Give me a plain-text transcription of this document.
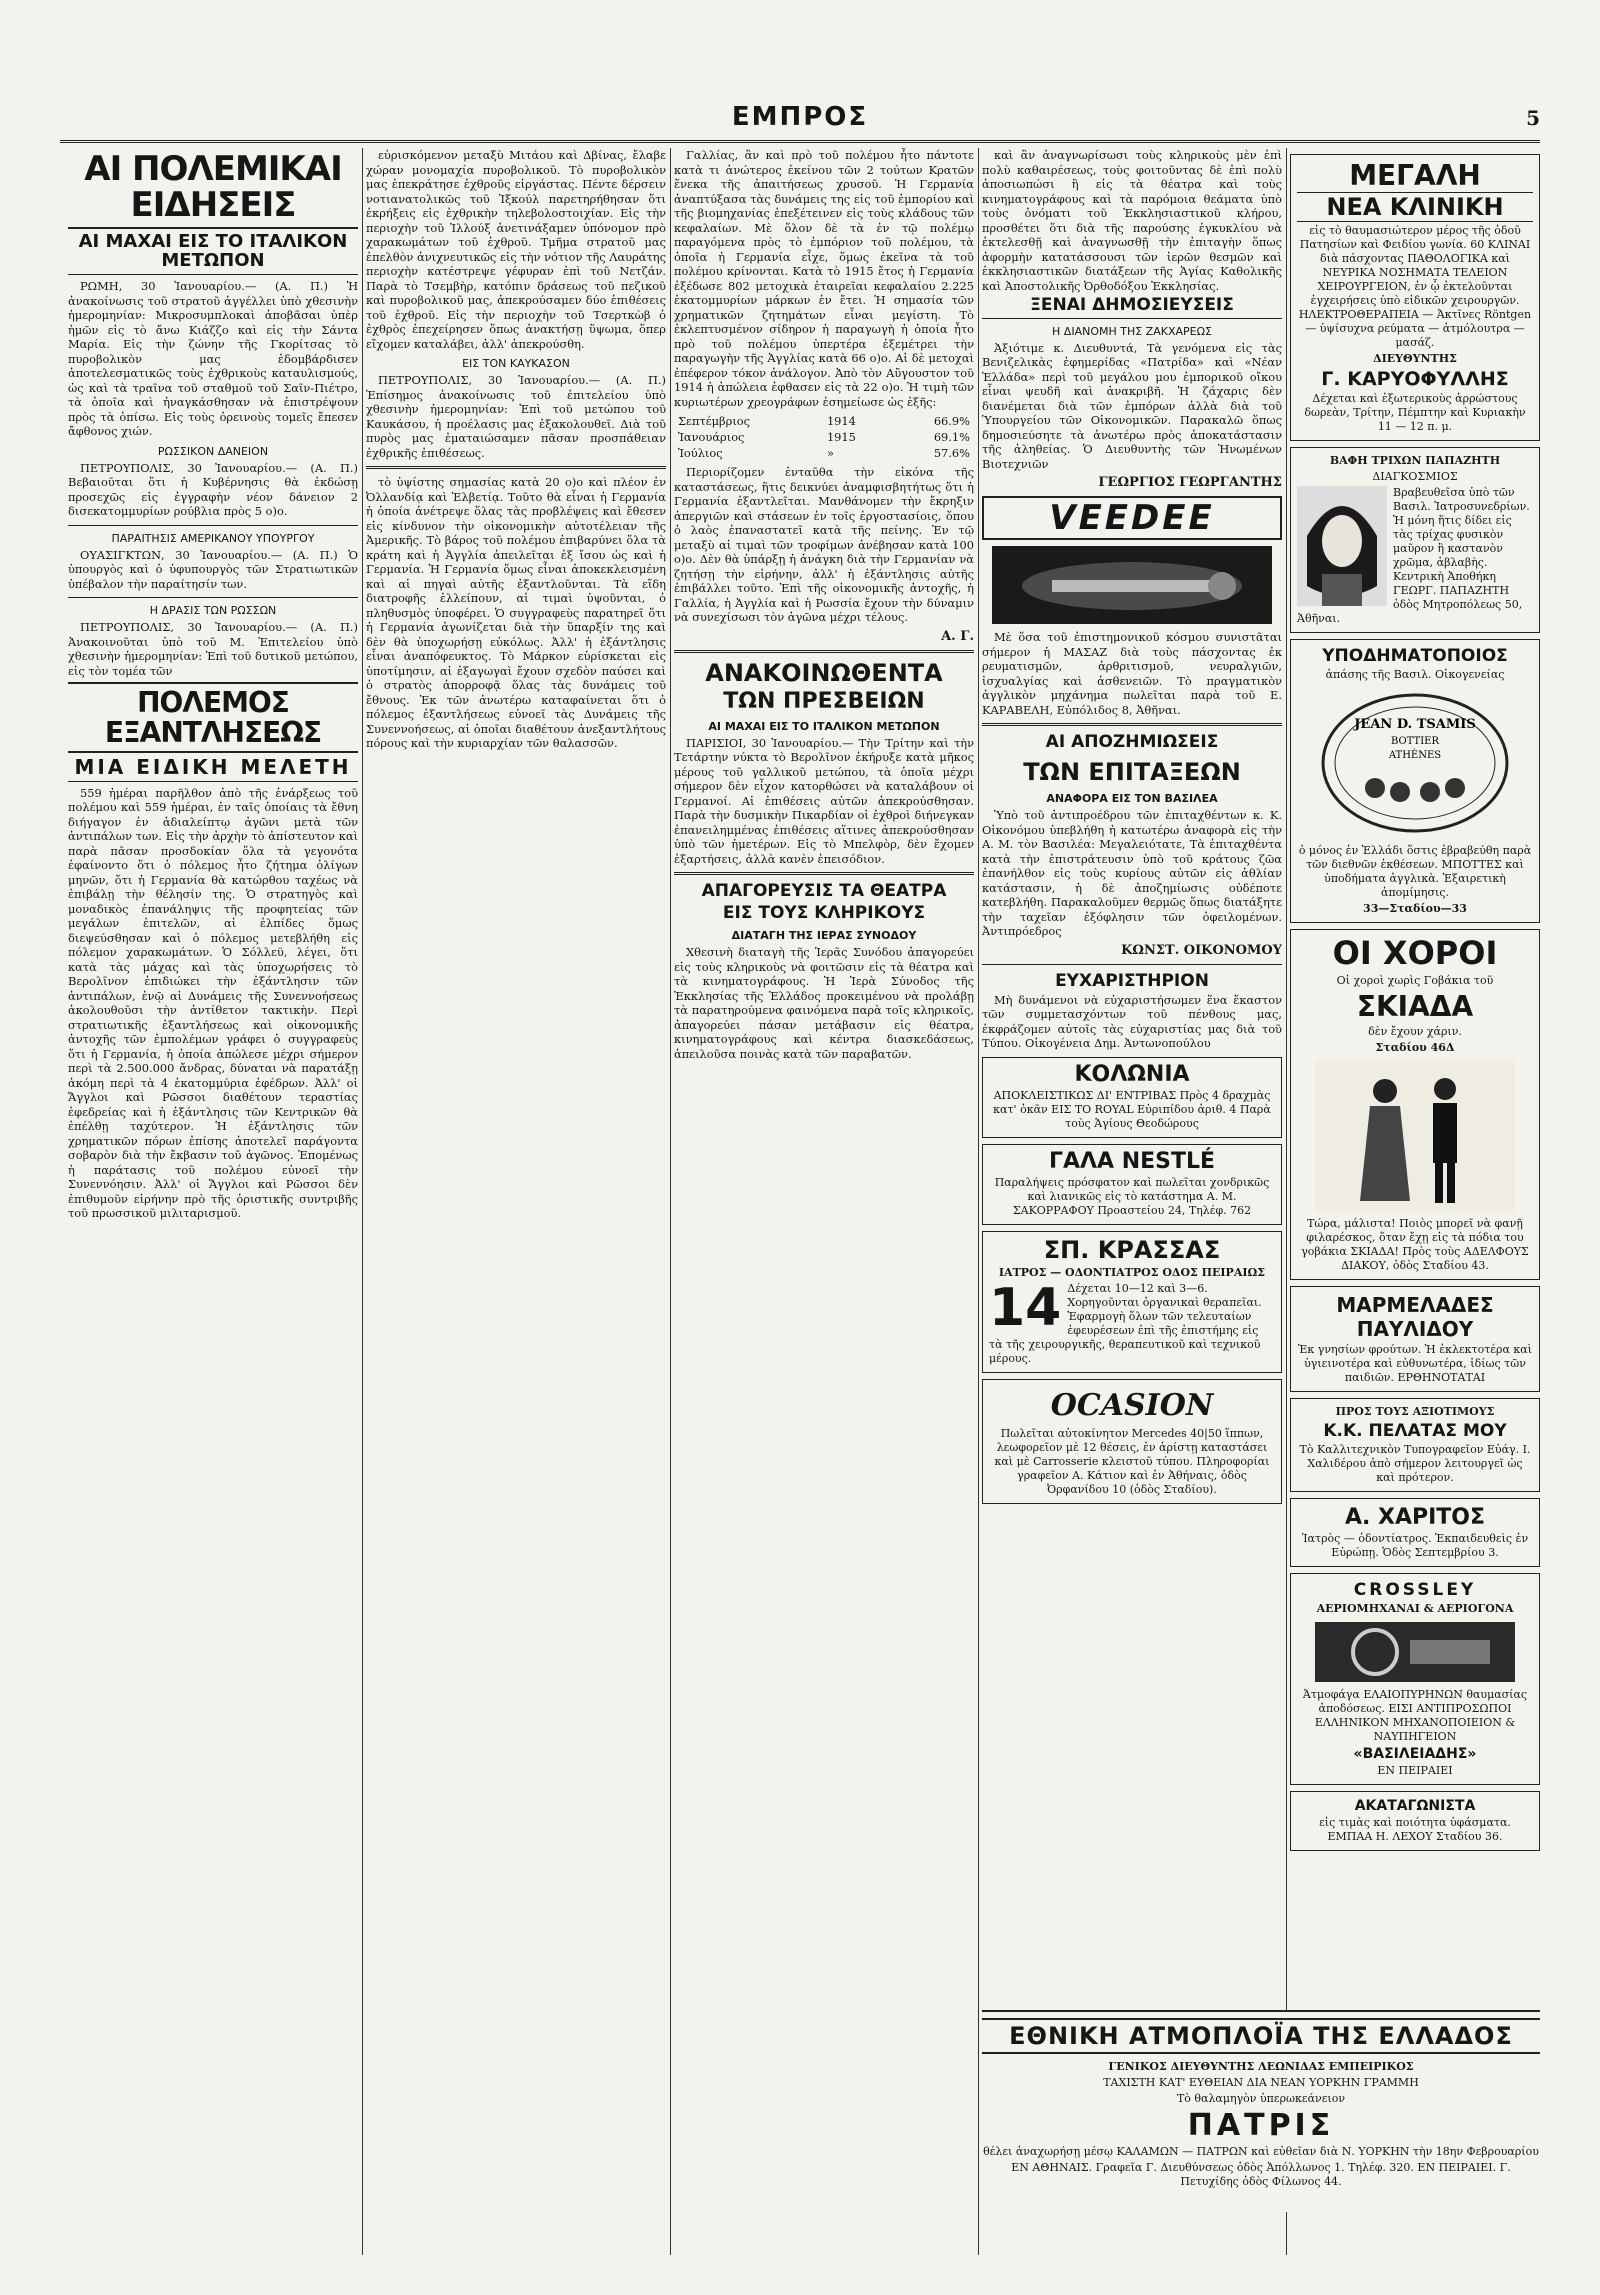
ΕΜΠΡΟΣ	5
ΑΙ ΠΟΛΕΜΙΚΑΙ ΕΙΔΗΣΕΙΣ
ΑΙ ΜΑΧΑΙ ΕΙΣ ΤΟ ΙΤΑΛΙΚΟΝ ΜΕΤΩΠΟΝ

ΡΩΜΗ, 30 Ἰανουαρίου.— (Α. Π.) Ἡ ἀνακοίνωσις τοῦ στρατοῦ ἀγγέλλει ὑπὸ χθεσινὴν ἡμερομηνίαν: Μικροσυμπλοκαὶ ἀποβᾶσαι ὑπὲρ ἡμῶν εἰς τὸ ἄνω Κιάζζο καὶ εἰς τὴν Σάντα Μαρία. Εἰς τὴν ζώνην τῆς Γκορίτσας τὸ πυροβολικὸν μας ἐδομβάρδισεν ἀποτελεσματικῶς τοὺς ἐχθρικοὺς καταυλισμούς, ὡς καὶ τὰ τραῖνα τοῦ σταθμοῦ τοῦ Σαῖν-Πιέτρο, τὰ ὁποῖα καὶ ἠναγκάσθησαν νὰ ἐπιστρέψουν πρὸς τὰ ὀπίσω. Εἰς τοὺς ὀρεινοὺς τομεῖς ἔπεσεν ἄφθονος χιών.

ΡΩΣΣΙΚΟΝ ΔΑΝΕΙΟΝ

ΠΕΤΡΟΥΠΟΛΙΣ, 30 Ἰανουαρίου.— (Α. Π.) Βεβαιοῦται ὅτι ἡ Κυβέρνησις θὰ ἐκδώσῃ προσεχῶς εἰς ἐγγραφὴν νέον δάνειον 2 δισεκατομμυρίων ρούβλια πρὸς 5 ο)ο.

ΠΑΡΑΙΤΗΣΙΣ ΑΜΕΡΙΚΑΝΟΥ ΥΠΟΥΡΓΟΥ

ΟΥΑΣΙΓΚΤΩΝ, 30 Ἰανουαρίου.— (Α. Π.) Ὁ ὑπουργὸς καὶ ὁ ὑφυπουργὸς τῶν Στρατιωτικῶν ὑπέβαλον τὴν παραίτησίν των.

Η ΔΡΑΣΙΣ ΤΩΝ ΡΩΣΣΩΝ

ΠΕΤΡΟΥΠΟΛΙΣ, 30 Ἰανουαρίου.— (Α. Π.) Ἀνακοινοῦται ὑπὸ τοῦ Μ. Ἐπιτελείου ὑπὸ χθεσινὴν ἡμερομηνίαν: Ἐπὶ τοῦ δυτικοῦ μετώπου, εἰς τὸν τομέα τῶν

ΠΟΛΕΜΟΣ ΕΞΑΝΤΛΗΣΕΩΣ
ΜΙΑ ΕΙΔΙΚΗ ΜΕΛΕΤΗ

559 ἡμέραι παρῆλθον ἀπὸ τῆς ἐνάρξεως τοῦ πολέμου καὶ 559 ἡμέραι, ἐν ταῖς ὁποίαις τὰ ἔθνη διήγαγον ἐν ἀδιαλείπτῳ ἀγῶνι μετὰ τῶν ἀντιπάλων των. Εἰς τὴν ἀρχὴν τὸ ἀπίστευτον καὶ παρὰ πᾶσαν προσδοκίαν ὅλα τὰ γεγονότα ἐφαίνοντο ὅτι ὁ πόλεμος ἦτο ζήτημα ὀλίγων μηνῶν, ὅτι ἡ Γερμανία θὰ κατώρθου ταχέως νὰ ἐπιβάλῃ τὴν θέλησίν της. Ὁ στρατηγὸς καὶ μοναδικὸς ἐπανάληψις τῆς προφητείας τῶν μεγάλων ἐπιτελῶν, αἱ ἐλπίδες ὅμως διεψεύσθησαν καὶ ὁ πόλεμος μετεβλήθη εἰς πόλεμον χαρακωμάτων. Ὁ Σόλλεϋ, λέγει, ὅτι κατὰ τὰς μάχας καὶ τὰς ὑποχωρήσεις τὸ Βερολῖνον ἐπιδιώκει τὴν ἐξάντλησιν τῶν ἀντιπάλων, ἐνῷ αἱ Δυνάμεις τῆς Συνεννοήσεως ἀκολουθοῦσι τὴν ἀντίθετον τακτικὴν. Περὶ στρατιωτικῆς ἐξαντλήσεως καὶ οἰκονομικῆς ἀντοχῆς τῶν ἐμπολέμων γράφει ὁ συγγραφεὺς ὅτι ἡ Γερμανία, ἡ ὁποία ἀπώλεσε μέχρι σήμερον περὶ τὰ 2.500.000 ἄνδρας, δύναται νὰ παρατάξῃ ἀκόμη περὶ τὰ 4 ἑκατομμύρια ἐφέδρων. Ἀλλ' οἱ Ἄγγλοι καὶ Ρῶσσοι διαθέτουν τεραστίας ἐφεδρείας καὶ ἡ ἐξάντλησις τῶν Κεντρικῶν θὰ ἐπέλθῃ ταχύτερον. Ἡ ἐξάντλησις τῶν χρηματικῶν πόρων ἐπίσης ἀποτελεῖ παράγοντα σοβαρὸν διὰ τὴν ἔκβασιν τοῦ ἀγῶνος. Ἑπομένως ἡ παράτασις τοῦ πολέμου εὐνοεῖ τὴν Συνεννόησιν. Ἀλλ' οἱ Ἄγγλοι καὶ Ρῶσσοι δὲν ἐπιθυμοῦν εἰρήνην πρὸ τῆς ὁριστικῆς συντριβῆς τοῦ πρωσσικοῦ μιλιταρισμοῦ.

εὐρισκόμενον μεταξὺ Μιτάου καὶ Δβίνας, ἔλαβε χώραν μονομαχία πυροβολικοῦ. Τὸ πυροβολικὸν μας ἐπεκράτησε ἐχθροῦς εἰργάστας. Πέντε δέρσειν νοτιανατολικῶς τοῦ Ἰξκούλ παρετηρήθησαν ὅτι ἐκρήξεις εἰς ἐχθρικὴν τηλεβολοστοιχίαν. Εἰς τὴν περιοχὴν τοῦ Ἰλλούξ ἀνετινάξαμεν ὑπόνομον πρὸ χαρακωμάτων τοῦ ἐχθροῦ. Τμῆμα στρατοῦ μας ἐπελθὸν ἀνιχνευτικῶς εἰς τὴν νότιον τῆς Λαυράτης περιοχὴν κατέστρεψε γέφυραν ἐπὶ τοῦ Νετζάν. Παρὰ τὸ Τσεμβὴρ, κατόπιν δράσεως τοῦ πεζικοῦ καὶ πυροβολικοῦ μας, ἀπεκρούσαμεν δύο ἐπιθέσεις τοῦ ἐχθροῦ. Εἰς τὴν περιοχὴν τοῦ Τσερτκὼβ ὁ ἐχθρὸς ἐπεχείρησεν ὅπως ἀνακτήσῃ ὕψωμα, ὅπερ εἴχομεν καταλάβει, ἀλλ' ἀπεκρούσθη.

ΕΙΣ ΤΟΝ ΚΑΥΚΑΣΟΝ

ΠΕΤΡΟΥΠΟΛΙΣ, 30 Ἰανουαρίου.— (Α. Π.) Ἐπίσημος ἀνακοίνωσις τοῦ ἐπιτελείου ὑπὸ χθεσινὴν ἡμερομηνίαν: Ἐπὶ τοῦ μετώπου τοῦ Καυκάσου, ἡ προέλασις μας ἐξακολουθεῖ. Διὰ τοῦ πυρὸς μας ἐματαιώσαμεν πᾶσαν προσπάθειαν ἐχθρικῆς ἐπιθέσεως.

τὸ ὑψίστης σημασίας κατὰ 20 ο)ο καὶ πλέον ἐν Ὀλλανδίᾳ καὶ Ἐλβετίᾳ. Τοῦτο θὰ εἶναι ἡ Γερμανία ἡ ὁποία ἀνέτρεψε ὅλας τὰς προβλέψεις καὶ ἔθεσεν εἰς κίνδυνον τὴν οἰκονομικὴν αὐτοτέλειαν τῆς Ἀμερικῆς. Τὸ βάρος τοῦ πολέμου ἐπιβαρύνει ὅλα τὰ κράτη καὶ ἡ Ἀγγλία ἀπειλεῖται ἐξ ἴσου ὡς καὶ ἡ Γερμανία. Ἡ Γερμανία ὅμως εἶναι ἀποκεκλεισμένη καὶ αἱ πηγαὶ αὐτῆς ἐξαντλοῦνται. Τὰ εἴδη διατροφῆς ἐλλείπουν, αἱ τιμαὶ ὑψοῦνται, ὁ πληθυσμὸς ὑποφέρει. Ὁ συγγραφεὺς παρατηρεῖ ὅτι ἡ Γερμανία ἀγωνίζεται διὰ τὴν ὕπαρξίν της καὶ δὲν θὰ ὑποχωρήσῃ εὐκόλως. Ἀλλ' ἡ ἐξάντλησις εἶναι ἀναπόφευκτος. Τὸ Μάρκον εὑρίσκεται εἰς ὑποτίμησιν, αἱ ἐξαγωγαὶ ἔχουν σχεδὸν παύσει καὶ ὁ στρατὸς ἀπορροφᾷ ὅλας τὰς δυνάμεις τοῦ ἔθνους. Ἐκ τῶν ἀνωτέρω καταφαίνεται ὅτι ὁ πόλεμος ἐξαντλήσεως εὐνοεῖ τὰς Δυνάμεις τῆς Συνεννοήσεως, αἱ ὁποῖαι διαθέτουν ἀνεξαντλήτους πόρους καὶ τὴν κυριαρχίαν τῶν θαλασσῶν.

Γαλλίας, ἂν καὶ πρὸ τοῦ πολέμου ἦτο πάντοτε κατὰ τι ἀνώτερος ἐκείνου τῶν 2 τούτων Κρατῶν ἕνεκα τῆς ἀπαιτήσεως χρυσοῦ. Ἡ Γερμανία ἀναπτύξασα τὰς δυνάμεις της εἰς τοῦ ἐμπορίου καὶ τῆς βιομηχανίας ἐπεξέτεινεν εἰς τοὺς κλάδους τῶν κεφαλαίων. Μὲ ὅλον δὲ τὰ ἐν τῷ πολέμῳ παραγόμενα πρὸς τὸ ἐμπόριον τοῦ πολέμου, τὰ ὁποῖα ἡ Γερμανία εἶχε, ὅμως ἐκεῖνα τὰ τοῦ πολέμου κρίνονται. Κατὰ τὸ 1915 ἔτος ἡ Γερμανία ἐξέδωσε 802 μετοχικὰ ἑταιρεῖαι κεφαλαίου 2.225 ἑκατομμυρίων μάρκων ἐν ἔτει. Ἡ σημασία τῶν χρηματικῶν ζητημάτων εἶναι μεγίστη. Τὸ ἐκλεπτυσμένον σίδηρον ἡ παραγωγὴ ἡ ὁποία ἦτο πρὸ τοῦ πολέμου ὑπερτέρα ἐξεμέτρει τὴν παραγωγὴν τῆς Ἀγγλίας κατὰ 66 ο)ο. Αἱ δὲ μετοχαὶ ἐπέφερον τόκον ἀνάλογον. Ἀπὸ τὸν Αὔγουστον τοῦ 1914 ἡ ἀπώλεια ἐφθασεν εἰς τὰ 22 ο)ο. Ἡ τιμὴ τῶν κυριωτέρων χρεογράφων ἐσημείωσε ὡς ἑξῆς:

Σεπτέμβριος	1914	66.9%
Ἰανουάριος	1915	69.1%
Ἰούλιος	»	57.6%

Περιορίζομεν ἐνταῦθα τὴν εἰκόνα τῆς καταστάσεως, ἥτις δεικνύει ἀναμφισβητήτως ὅτι ἡ Γερμανία ἐξαντλεῖται. Μανθάνομεν τὴν ἔκρηξιν ἀπεργιῶν καὶ στάσεων ἐν τοῖς ἐργοστασίοις, ὅπου ὁ λαὸς ἐπαναστατεῖ κατὰ τῆς πείνης. Ἐν τῷ μεταξὺ αἱ τιμαὶ τῶν τροφίμων ἀνέβησαν κατὰ 100 ο)ο. Δὲν θὰ ὑπάρξῃ ἡ ἀνάγκη διὰ τὴν Γερμανίαν νὰ ζητήσῃ τὴν εἰρήνην, ἀλλ' ἡ ἐξάντλησις αὐτῆς ἐπιβάλλει τοῦτο. Ἐπὶ τῆς οἰκονομικῆς ἀντοχῆς, ἡ Γαλλία, ἡ Ἀγγλία καὶ ἡ Ρωσσία ἔχουν τὴν δύναμιν νὰ συνεχίσωσι τὸν ἀγῶνα μέχρι τέλους.

Α. Γ.
ΑΝΑΚΟΙΝΩΘΕΝΤΑ
ΤΩΝ ΠΡΕΣΒΕΙΩΝ
ΑΙ ΜΑΧΑΙ ΕΙΣ ΤΟ ΙΤΑΛΙΚΟΝ ΜΕΤΩΠΟΝ

ΠΑΡΙΣΙΟΙ, 30 Ἰανουαρίου.— Τὴν Τρίτην καὶ τὴν Τετάρτην νύκτα τὸ Βερολῖνον ἐκήρυξε κατὰ μῆκος μέρους τοῦ γαλλικοῦ μετώπου, τὰ ὁποῖα μέχρι σήμερον δὲν εἶχον κατορθώσει νὰ καταλάβουν οἱ Γερμανοί. Αἱ ἐπιθέσεις αὐτῶν ἀπεκρούσθησαν. Παρὰ τὴν δυσμικὴν Πικαρδίαν οἱ ἐχθροὶ διήνεγκαν ἐπανειλημμένας ἐπιθέσεις αἵτινες ἀπεκρούσθησαν ὑπὸ τῶν ἡμετέρων. Εἰς τὸ Μπελφὸρ, δὲν ἔχομεν ἐξαρτήσεις, ἀλλὰ κανὲν ἐπεισόδιον.

ΑΠΑΓΟΡΕΥΣΙΣ ΤΑ ΘΕΑΤΡΑ
ΕΙΣ ΤΟΥΣ ΚΛΗΡΙΚΟΥΣ
ΔΙΑΤΑΓΗ ΤΗΣ ΙΕΡΑΣ ΣΥΝΟΔΟΥ

Χθεσινὴ διαταγὴ τῆς Ἱερᾶς Συνόδου ἀπαγορεύει εἰς τοὺς κληρικοὺς νὰ φοιτῶσιν εἰς τὰ θέατρα καὶ τὰ κινηματογράφους. Ἡ Ἱερὰ Σύνοδος τῆς Ἐκκλησίας τῆς Ἑλλάδος προκειμένου νὰ προλάβῃ τὰ παρατηρούμενα φαινόμενα παρὰ τοῖς κληρικοῖς, ἀπαγορεύει πάσαν μετάβασιν εἰς θέατρα, κινηματογράφους καὶ κέντρα διασκεδάσεως, ἀπειλοῦσα ποινὰς κατὰ τῶν παραβατῶν.

καὶ ἂν ἀναγνωρίσωσι τοὺς κληρικοὺς μὲν ἐπὶ πολὺ καθαιρέσεως, τοὺς φοιτοῦντας δὲ ἐπὶ πολὺ ἀποσιωπώσι ἢ εἰς τὰ θέατρα καὶ τοὺς κινηματογράφους καὶ τὰ παρόμοια θεάματα ὑπὸ τοὺς ὀνόματι τοῦ Ἐκκλησιαστικοῦ κλήρου, προσθέτει ὅτι διὰ τῆς παρούσης ἐγκυκλίου νὰ ἐκτελεσθῇ καὶ ἀναγνωσθῇ τὴν ἐπιταγὴν ὅπως ἀφορμὴν κατατάσσουσι τῶν ἱερῶν θεσμῶν καὶ ἐκκλησιαστικῶν διατάξεων τῆς Ἁγίας Καθολικῆς καὶ Ἀποστολικῆς Ὀρθοδόξου Ἐκκλησίας.

ΞΕΝΑΙ ΔΗΜΟΣΙΕΥΣΕΙΣ
Η ΔΙΑΝΟΜΗ ΤΗΣ ΖΑΚΧΑΡΕΩΣ

Ἀξιότιμε κ. Διευθυντά, Τὰ γενόμενα εἰς τὰς Βενιζελικὰς ἐφημερίδας «Πατρίδα» καὶ «Νέαν Ἑλλάδα» περὶ τοῦ μεγάλου μου ἐμπορικοῦ οἴκου εἶναι ψευδῆ καὶ ἀνακριβῆ. Ἡ ζάχαρις δὲν διανέμεται διὰ τῶν ἐμπόρων ἀλλὰ διὰ τοῦ Ὑπουργείου τῶν Οἰκονομικῶν. Παρακαλῶ ὅπως δημοσιεύσητε τὰ ἀνωτέρω πρὸς ἀποκατάστασιν τῆς ἀληθείας. Ὁ Διευθυντὴς τῶν Ἡνωμένων Βιοτεχνιῶν

ΓΕΩΡΓΙΟΣ ΓΕΩΡΓΑΝΤΗΣ
VEEDEE

Μὲ ὅσα τοῦ ἐπιστημονικοῦ κόσμου συνιστᾶται σήμερον ἡ ΜΑΣΑΖ διὰ τοὺς πάσχοντας ἐκ ρευματισμῶν, ἀρθριτισμοῦ, νευραλγιῶν, ἰσχυαλγίας καὶ ἀσθενειῶν. Τὸ πραγματικὸν ἀγγλικὸν μηχάνημα πωλεῖται παρὰ τοῦ Ε. ΚΑΡΑΒΕΛΗ, Εὐπόλιδος 8, Ἀθῆναι.

ΑΙ ΑΠΟΖΗΜΙΩΣΕΙΣ
ΤΩΝ ΕΠΙΤΑΞΕΩΝ
ΑΝΑΦΟΡΑ ΕΙΣ ΤΟΝ ΒΑΣΙΛΕΑ

Ὑπὸ τοῦ ἀντιπροέδρου τῶν ἐπιταχθέντων κ. Κ. Οἰκονόμου ὑπεβλήθη ἡ κατωτέρω ἀναφορὰ εἰς τὴν Α. Μ. τὸν Βασιλέα: Μεγαλειότατε, Τὰ ἐπιταχθέντα κατὰ τὴν ἐπιστράτευσιν ὑπὸ τοῦ κράτους ζῶα ἐπανήλθον εἰς τοὺς κυρίους αὐτῶν εἰς ἀθλίαν κατάστασιν, ἡ δὲ ἀποζημίωσις οὐδέποτε κατεβλήθη. Παρακαλοῦμεν θερμῶς ὅπως διατάξητε τὴν ταχεῖαν ἐξόφλησιν τῶν ὀφειλομένων. Ἀντιπρόεδρος

ΚΩΝΣΤ. ΟΙΚΟΝΟΜΟΥ
ΕΥΧΑΡΙΣΤΗΡΙΟΝ

Μὴ δυνάμενοι νὰ εὐχαριστήσωμεν ἕνα ἕκαστον τῶν συμμετασχόντων τοῦ πένθους μας, ἐκφράζομεν αὐτοῖς τὰς εὐχαριστίας μας διὰ τοῦ Τύπου. Οἰκογένεια Δημ. Ἀντωνοπούλου

ΚΟΛΩΝΙΑ
ΑΠΟΚΛΕΙΣΤΙΚΩΣ ΔΙ' ΕΝΤΡΙΒΑΣ Πρὸς 4 δραχμὰς κατ' ὀκᾶν ΕΙΣ ΤΟ ROYAL Εὐριπίδου ἀριθ. 4 Παρὰ τοὺς Ἁγίους Θεοδώρους
ΓΑΛΑ NESTLÉ
Παραλήψεις πρόσφατον καὶ πωλεῖται χονδρικῶς καὶ λιανικῶς εἰς τὸ κατάστημα Α. Μ. ΣΑΚΟΡΡΑΦΟΥ Προαστείου 24, Τηλέφ. 762
ΣΠ. ΚΡΑΣΣΑΣ
ΙΑΤΡΟΣ — ΟΔΟΝΤΙΑΤΡΟΣ ΟΔΟΣ ΠΕΙΡΑΙΩΣ
14 Δέχεται 10—12 καὶ 3—6. Χορηγοῦνται ὀργανικαὶ θεραπεῖαι. Ἐφαρμογὴ ὅλων τῶν τελευταίων ἐφευρέσεων ἐπὶ τῆς ἐπιστήμης εἰς τὰ τῆς χειρουργικῆς, θεραπευτικοῦ καὶ τεχνικοῦ μέρους.
OCASION
Πωλεῖται αὐτοκίνητον Mercedes 40|50 ἵππων, λεωφορεῖον μὲ 12 θέσεις, ἐν ἀρίστῃ καταστάσει καὶ μὲ Carrosserie κλειστοῦ τύπου. Πληροφορίαι γραφεῖον Α. Κάτιον καὶ ἐν Ἀθήναις, ὁδὸς Ὀρφανίδου 10 (ὁδὸς Σταδίου).
ΜΕΓΑΛΗ
ΝΕΑ ΚΛΙΝΙΚΗ
εἰς τὸ θαυμασιώτερον μέρος τῆς ὁδοῦ Πατησίων καὶ Φειδίου γωνία. 60 ΚΛΙΝΑΙ διὰ πάσχοντας ΠΑΘΟΛΟΓΙΚΑ καὶ ΝΕΥΡΙΚΑ ΝΟΣΗΜΑΤΑ ΤΕΛΕΙΟΝ ΧΕΙΡΟΥΡΓΕΙΟΝ, ἐν ᾧ ἐκτελοῦνται ἐγχειρήσεις ὑπὸ εἰδικῶν χειρουργῶν. ΗΛΕΚΤΡΟΘΕΡΑΠΕΙΑ — Ἀκτῖνες Röntgen — ὑψίσυχνα ρεύματα — ἀτμόλουτρα — μασάζ.
ΔΙΕΥΘΥΝΤΗΣ
Γ. ΚΑΡΥΟΦΥΛΛΗΣ
Δέχεται καὶ ἐξωτερικοὺς ἀρρώστους δωρεὰν, Τρίτην, Πέμπτην καὶ Κυριακὴν 11 — 12 π. μ.
ΒΑΦΗ ΤΡΙΧΩΝ ΠΑΠΑΖΗΤΗ
ΔΙΑΓΚΟΣΜΙΟΣ
Βραβευθεῖσα ὑπὸ τῶν Βασιλ. Ἰατροσυνεδρίων. Ἡ μόνη ἥτις δίδει εἰς τὰς τρίχας φυσικὸν μαῦρον ἢ καστανὸν χρῶμα, ἀβλαβὴς. Κεντρικὴ Ἀποθήκη ΓΕΩΡΓ. ΠΑΠΑΖΗΤΗ ὁδὸς Μητροπόλεως 50, Ἀθῆναι.
ΥΠΟΔΗΜΑΤΟΠΟΙΟΣ
ἀπάσης τῆς Βασιλ. Οἰκογενείας
JEAN D. TSAMIS
BOTTIER
ATHÈNES
ὁ μόνος ἐν Ἑλλάδι ὅστις ἐβραβεύθη παρὰ τῶν διεθνῶν ἐκθέσεων. ΜΠΟΤΤΕΣ καὶ ὑποδήματα ἀγγλικὰ. Ἐξαιρετικὴ ἀπομίμησις.
33—Σταδίου—33
ΟΙ ΧΟΡΟΙ
Οἱ χοροὶ χωρὶς Γοβάκια τοῦ
ΣΚΙΑΔΑ
δὲν ἔχουν χάριν.
Σταδίου 46Δ
Τώρα, μάλιστα! Ποιὸς μπορεῖ νὰ φανῇ φιλαρέσκος, ὅταν ἔχῃ εἰς τὰ πόδια του γοβάκια ΣΚΙΑΔΑ! Πρὸς τοὺς ΑΔΕΛΦΟΥΣ ΔΙΑΚΟΥ, ὁδὸς Σταδίου 43.
ΜΑΡΜΕΛΑΔΕΣ ΠΑΥΛΙΔΟΥ
Ἐκ γνησίων φρούτων. Ἡ ἐκλεκτοτέρα καὶ ὑγιεινοτέρα καὶ εὐθυνωτέρα, ἰδίως τῶν παιδιῶν. ΕΡΘΗΝΟΤΑΤΑΙ
ΠΡΟΣ ΤΟΥΣ ΑΞΙΟΤΙΜΟΥΣ
Κ.Κ. ΠΕΛΑΤΑΣ ΜΟΥ
Τὸ Καλλιτεχνικὸν Τυπογραφεῖον Εὐάγ. Ι. Χαλιδέρου ἀπὸ σήμερον λειτουργεῖ ὡς καὶ πρότερον.
Α. ΧΑΡΙΤΟΣ
Ἰατρὸς — ὀδοντίατρος. Ἐκπαιδευθεὶς ἐν Εὐρώπῃ. Ὁδὸς Σεπτεμβρίου 3.
CROSSLEY
ΑΕΡΙΟΜΗΧΑΝΑΙ & ΑΕΡΙΟΓΟΝΑ
Ἀτμοφάγα ΕΛΑΙΟΠΥΡΗΝΩΝ θαυμασίας ἀποδόσεως. ΕΙΣΙ ΑΝΤΙΠΡΟΣΩΠΟΙ ΕΛΛΗΝΙΚΟΝ ΜΗΧΑΝΟΠΟΙΕΙΟΝ & ΝΑΥΠΗΓΕΙΟΝ
«ΒΑΣΙΛΕΙΑΔΗΣ»
ΕΝ ΠΕΙΡΑΙΕΙ
ΑΚΑΤΑΓΩΝΙΣΤΑ
εἰς τιμὰς καὶ ποιότητα ὑφάσματα. ΕΜΠΑΑ Η. ΛΕΧΟΥ Σταδίου 36.
ΕΘΝΙΚΗ ΑΤΜΟΠΛΟΪΑ ΤΗΣ ΕΛΛΑΔΟΣ
ΓΕΝΙΚΟΣ ΔΙΕΥΘΥΝΤΗΣ ΛΕΩΝΙΔΑΣ ΕΜΠΕΙΡΙΚΟΣ
ΤΑΧΙΣΤΗ ΚΑΤ' ΕΥΘΕΙΑΝ ΔΙΑ ΝΕΑΝ ΥΟΡΚΗΝ ΓΡΑΜΜΗ
Τὸ θαλαμηγὸν ὑπερωκεάνειον
ΠΑΤΡΙΣ
θέλει ἀναχωρήσῃ μέσῳ ΚΑΛΑΜΩΝ — ΠΑΤΡΩΝ καὶ εὐθεῖαν διὰ Ν. ΥΟΡΚΗΝ τὴν 18ην Φεβρουαρίου
ΕΝ ΑΘΗΝΑΙΣ. Γραφεῖα Γ. Διευθύνσεως ὁδὸς Ἀπόλλωνος 1. Τηλέφ. 320. ΕΝ ΠΕΙΡΑΙΕΙ. Γ. Πετυχίδης ὁδὸς Φίλωνος 44.
